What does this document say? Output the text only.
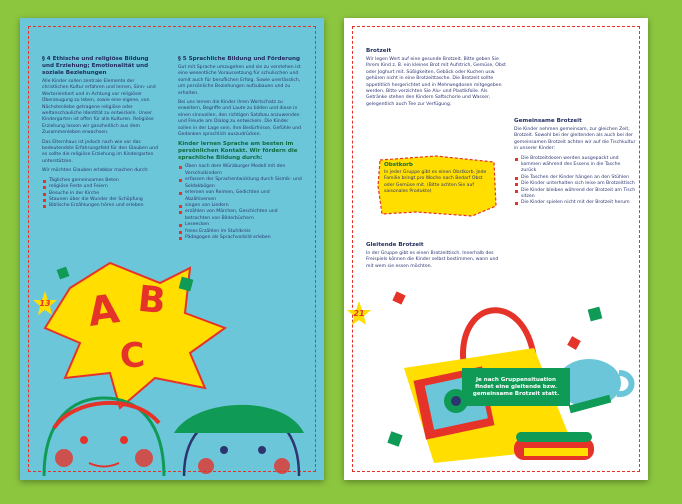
§ 4 Ethische und religiöse Bildung und Erziehung; Emotionalität und soziale Beziehungen

Alle Kinder sollen zentrale Elemente der christlichen Kultur erfahren und lernen, Sinn- und Wertorientiert und in Achtung vor religiöser Überzeugung zu leben, sowie eine eigene, von Nächstenliebe getragene religiöse oder weltanschauliche Identität zu entwickeln. Unser Kindergarten ist offen für alle Kulturen. Religiöse Erziehung lassen wir ganzheitlich aus dem Zusammenleben erwachsen.

Das Elternhaus ist jedoch nach wie vor das bedeutendste Erfahrungsfeld für den Glauben und es sollte die religiöse Erziehung im Kindergarten unterstützen.

Wir möchten Glauben erlebbar machen durch:

Tägliches gemeinsames Beten
religiöse Feste und Feiern
Besuche in der Kirche
Staunen über die Wunder der Schöpfung
Biblische Erzählungen hören und erleben
§ 5 Sprachliche Bildung und Förderung

Gut mit Sprache umzugehen und sie zu verstehen ist eine wesentliche Voraussetzung für schulischen und somit auch für beruflichen Erfolg. Sowie unerlässlich, um persönliche Beziehungen aufzubauen und zu erhalten.

Bei uns lernen die Kinder ihren Wortschatz zu erweitern, Begriffe und Laute zu bilden und diese in einen sinnvollen, den richtigen Satzbau anzuwenden und Freude am Dialog zu entwickeln. Die Kinder sollen in der Lage sein, ihre Bedürfnisse, Gefühle und Gedanken sprachlich auszudrücken.

Kinder lernen Sprache am besten im persönlichen Kontakt. Wir fördern die sprachliche Bildung durch:
Üben nach dem Würzburger Modell mit den Vorschulkindern
erfassen der Sprachentwicklung durch Sismik- und Seldakbögen
erlernen von Reimen, Gedichten und Abzählversen
singen von Liedern
erzählen von Märchen, Geschichten und betrachten von Bilderbüchern
Leseecken
freies Erzählen im Stuhlkreis
Pädagogen als Sprachvorbild erleben
13 A B
C
Brotzeit

Wir legen Wert auf eine gesunde Brotzeit. Bitte geben Sie Ihrem Kind z. B. ein kleines Brot mit Aufstrich, Gemüse, Obst oder Joghurt mit. Süßigkeiten, Gebäck oder Kuchen usw. gehören nicht in eine Brotzeittasche. Die Brotzeit sollte appetitlich hergerichtet und in Mehrwegdosen mitgegeben werden. Bitte verzichten Sie Alu- und Plastikfolie. Als Getränke stehen den Kindern Saftschorle und Wasser, gelegentlich auch Tee zur Verfügung.

Gleitende Brotzeit

In der Gruppe gibt es einen Brotzeittisch. Innerhalb des Freispiels können die Kinder selbst bestimmen, wann und mit wem sie essen möchten.

Gemeinsame Brotzeit

Die Kinder nehmen gemeinsam, zur gleichen Zeit, Brotzeit. Sowohl bei der gleitenden als auch bei der gemeinsamen Brotzeit achten wir auf die Tischkultur in unserer Kinder:

Die Brotzeitdosen werden ausgepackt und kommen während des Essens in die Tasche zurück
Die Taschen der Kinder hängen an den Stühlen
Die Kinder unterhalten sich leise am Brotzeittisch
Die Kinder bleiben während der Brotzeit am Tisch sitzen
Die Kinder spielen nicht mit der Brotzeit herum
21
Obstkorb
In jeder Gruppe gibt es einen Obstkorb. Jede Familie bringt pro Woche nach Bedarf Obst oder Gemüse mit. (Bitte achten Sie auf saisonales Produkte)
Je nach Gruppensituation findet eine gleitende bzw. gemeinsame Brotzeit statt.
